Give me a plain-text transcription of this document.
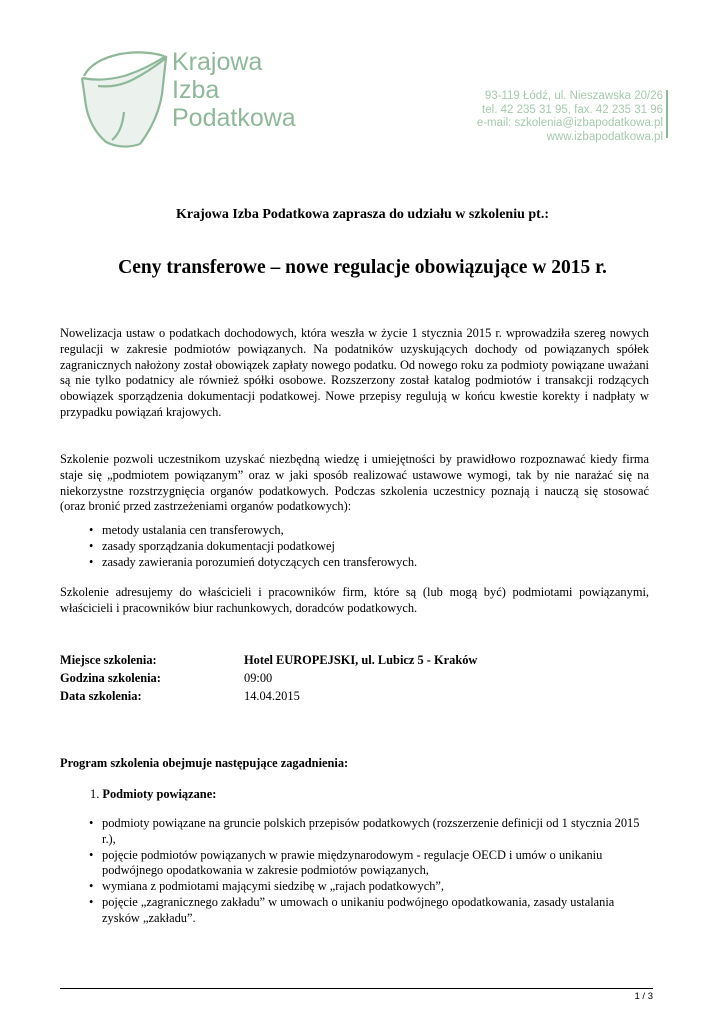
Krajowa
Izba
Podatkowa
93-119 Łódź, ul. Nieszawska 20/26
tel. 42 235 31 95, fax. 42 235 31 96
e-mail: szkolenia@izbapodatkowa.pl
www.izbapodatkowa.pl
Krajowa Izba Podatkowa zaprasza do udziału w szkoleniu pt.:
Ceny transferowe – nowe regulacje obowiązujące w 2015 r.
Nowelizacja ustaw o podatkach dochodowych, która weszła w życie 1 stycznia 2015 r. wprowadziła szereg nowych regulacji w zakresie podmiotów powiązanych. Na podatników uzyskujących dochody od powiązanych spółek zagranicznych nałożony został obowiązek zapłaty nowego podatku. Od nowego roku za podmioty powiązane uważani są nie tylko podatnicy ale również spółki osobowe. Rozszerzony został katalog podmiotów i transakcji rodzących obowiązek sporządzenia dokumentacji podatkowej. Nowe przepisy regulują w końcu kwestie korekty i nadpłaty w przypadku powiązań krajowych.
Szkolenie pozwoli uczestnikom uzyskać niezbędną wiedzę i umiejętności by prawidłowo rozpoznawać kiedy firma staje się „podmiotem powiązanym” oraz w jaki sposób realizować ustawowe wymogi, tak by nie narażać się na niekorzystne rozstrzygnięcia organów podatkowych. Podczas szkolenia uczestnicy poznają i nauczą się stosować (oraz bronić przed zastrzeżeniami organów podatkowych):
• metody ustalania cen transferowych,
• zasady sporządzania dokumentacji podatkowej
• zasady zawierania porozumień dotyczących cen transferowych.
Szkolenie adresujemy do właścicieli i pracowników firm, które są (lub mogą być) podmiotami powiązanymi, właścicieli i pracowników biur rachunkowych, doradców podatkowych.
Miejsce szkolenia:	Hotel EUROPEJSKI, ul. Lubicz 5 - Kraków
Godzina szkolenia:	09:00
Data szkolenia:	14.04.2015
Program szkolenia obejmuje następujące zagadnienia:
1. Podmioty powiązane:
• podmioty powiązane na gruncie polskich przepisów podatkowych (rozszerzenie definicji od 1 stycznia 2015 r.),
• pojęcie podmiotów powiązanych w prawie międzynarodowym - regulacje OECD i umów o unikaniu podwójnego opodatkowania w zakresie podmiotów powiązanych,
• wymiana z podmiotami mającymi siedzibę w „rajach podatkowych”,
• pojęcie „zagranicznego zakładu” w umowach o unikaniu podwójnego opodatkowania, zasady ustalania zysków „zakładu”.
1 / 3
